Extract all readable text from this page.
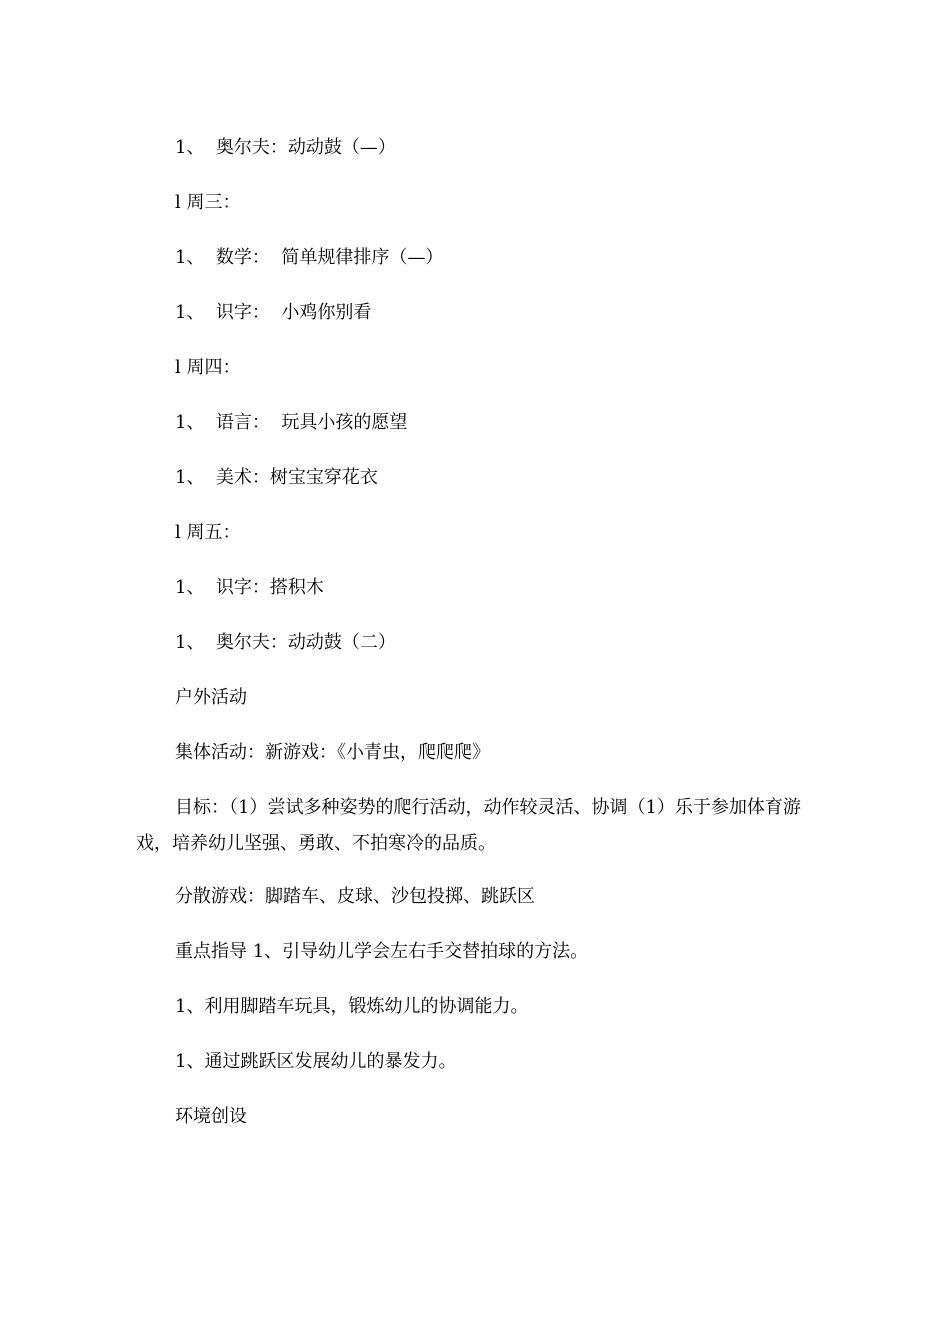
1、  奥尔夫：动动鼓（—）
l 周三：
1、  数学：  简单规律排序（—）
1、  识字：  小鸡你别看
l 周四：
1、  语言：  玩具小孩的愿望
1、  美术：树宝宝穿花衣
l 周五：
1、  识字：搭积木
1、  奥尔夫：动动鼓（二）
户外活动
集体活动：新游戏：《小青虫，爬爬爬》
目标：（1）尝试多种姿势的爬行活动，动作较灵活、协调（1）乐于参加体育游戏，培养幼儿坚强、勇敢、不拍寒冷的品质。
分散游戏：脚踏车、皮球、沙包投掷、跳跃区
重点指导 1、引导幼儿学会左右手交替拍球的方法。
1、利用脚踏车玩具，锻炼幼儿的协调能力。
1、通过跳跃区发展幼儿的暴发力。
环境创设
